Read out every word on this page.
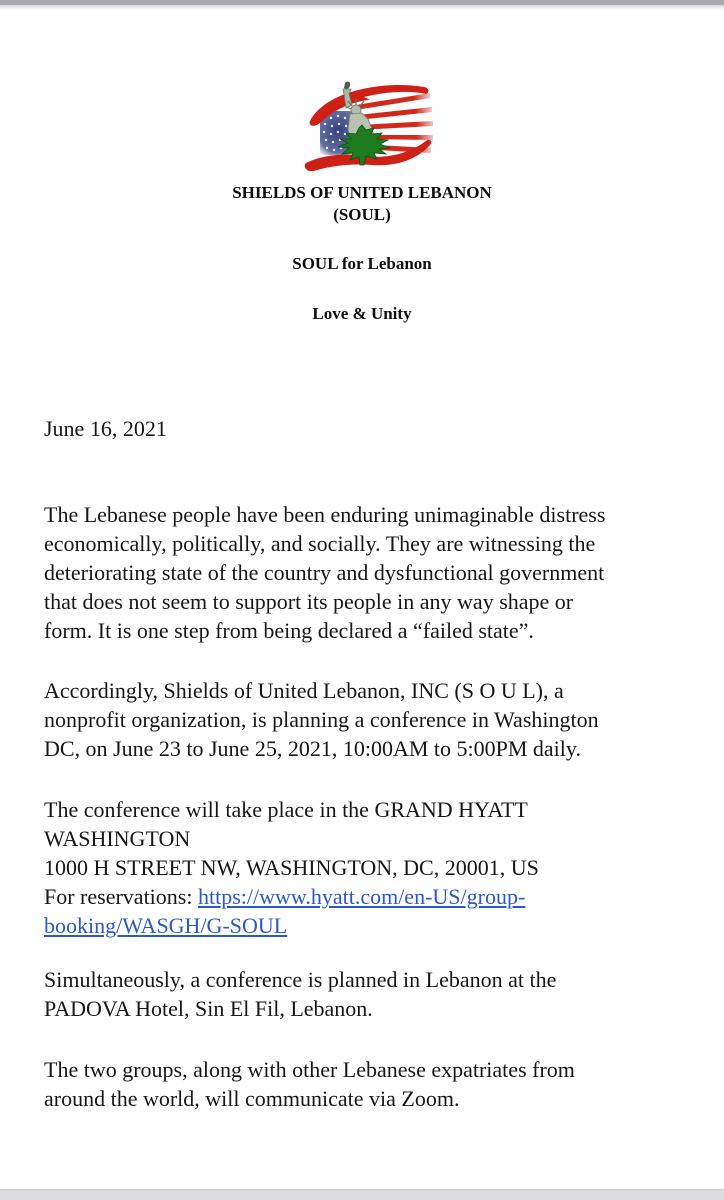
SHIELDS OF UNITED LEBANON
(SOUL)
SOUL for Lebanon
Love & Unity
June 16, 2021
The Lebanese people have been enduring unimaginable distress
economically, politically, and socially. They are witnessing the
deteriorating state of the country and dysfunctional government
that does not seem to support its people in any way shape or
form. It is one step from being declared a “failed state”.
Accordingly, Shields of United Lebanon, INC (S O U L), a
nonprofit organization, is planning a conference in Washington
DC, on June 23 to June 25, 2021, 10:00AM to 5:00PM daily.
The conference will take place in the GRAND HYATT
WASHINGTON
1000 H STREET NW, WASHINGTON, DC, 20001, US
For reservations: https://www.hyatt.com/en-US/group-
booking/WASGH/G-SOUL
Simultaneously, a conference is planned in Lebanon at the
PADOVA Hotel, Sin El Fil, Lebanon.
The two groups, along with other Lebanese expatriates from
around the world, will communicate via Zoom.
